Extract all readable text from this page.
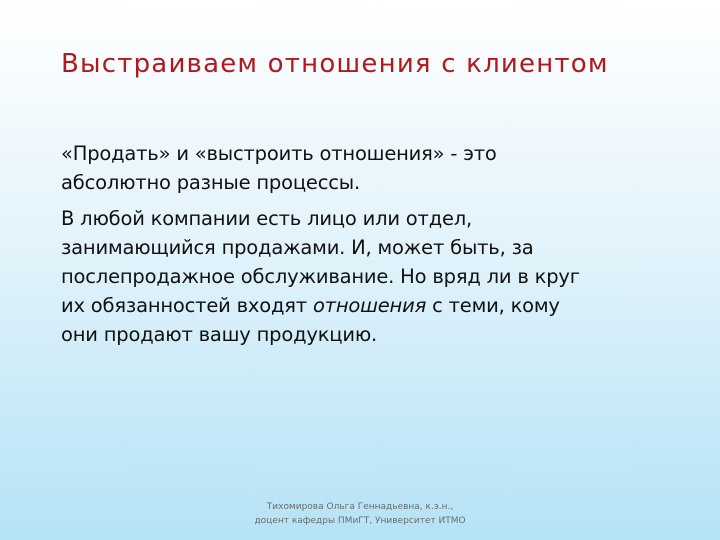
Выстраиваем отношения с клиентом

«Продать» и «выстроить отношения» - это
абсолютно разные процессы.

В любой компании есть лицо или отдел,
занимающийся продажами. И, может быть, за
послепродажное обслуживание. Но вряд ли в круг
их обязанностей входят отношения с теми, кому
они продают вашу продукцию.

Тихомирова Ольга Геннадьевна, к.э.н.,
доцент кафедры ПМиГТ, Университет ИТМО
